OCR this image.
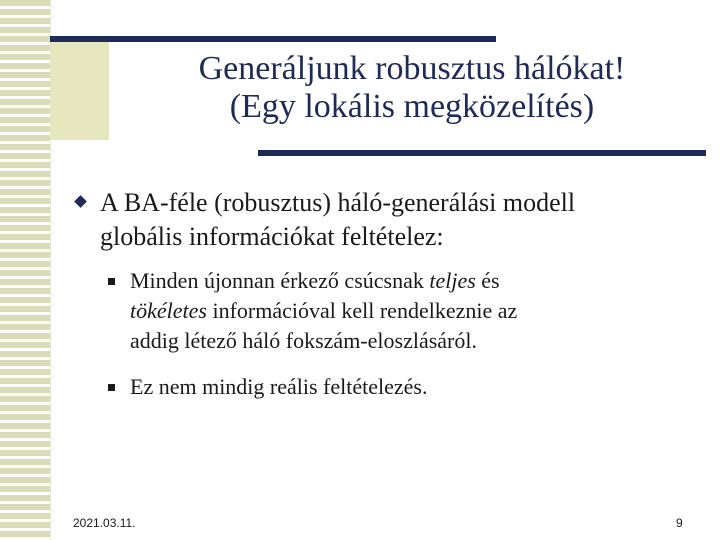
Generáljunk robusztus hálókat!
(Egy lokális megközelítés)
A BA-féle (robusztus) háló-generálási modell
globális információkat feltételez:
Minden újonnan érkező csúcsnak teljes és
tökéletes információval kell rendelkeznie az
addig létező háló fokszám-eloszlásáról.
Ez nem mindig reális feltételezés.
2021.03.11.	9
